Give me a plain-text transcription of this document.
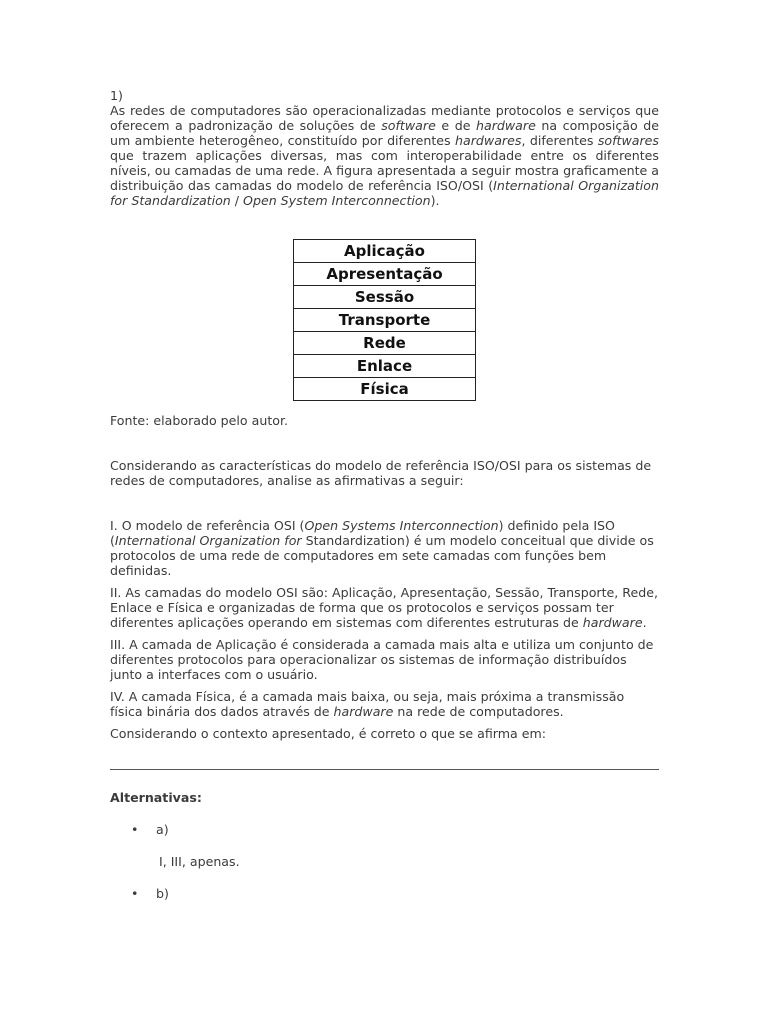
1)

As redes de computadores são operacionalizadas mediante protocolos e serviços que oferecem a padronização de soluções de software e de hardware na composição de um ambiente heterogêneo, constituído por diferentes hardwares, diferentes softwares que trazem aplicações diversas, mas com interoperabilidade entre os diferentes níveis, ou camadas de uma rede. A figura apresentada a seguir mostra graficamente a distribuição das camadas do modelo de referência ISO/OSI (International Organization for Standardization / Open System Interconnection).

Aplicação
Apresentação
Sessão
Transporte
Rede
Enlace
Física

Fonte: elaborado pelo autor.

Considerando as características do modelo de referência ISO/OSI para os sistemas de redes de computadores, analise as afirmativas a seguir:

I. O modelo de referência OSI (Open Systems Interconnection) definido pela ISO (International Organization for Standardization) é um modelo conceitual que divide os protocolos de uma rede de computadores em sete camadas com funções bem definidas.

II. As camadas do modelo OSI são: Aplicação, Apresentação, Sessão, Transporte, Rede, Enlace e Física e organizadas de forma que os protocolos e serviços possam ter diferentes aplicações operando em sistemas com diferentes estruturas de hardware.

III. A camada de Aplicação é considerada a camada mais alta e utiliza um conjunto de diferentes protocolos para operacionalizar os sistemas de informação distribuídos junto a interfaces com o usuário.

IV. A camada Física, é a camada mais baixa, ou seja, mais próxima a transmissão física binária dos dados através de hardware na rede de computadores.

Considerando o contexto apresentado, é correto o que se afirma em:

Alternativas:

• a)

I, III, apenas.

• b)
